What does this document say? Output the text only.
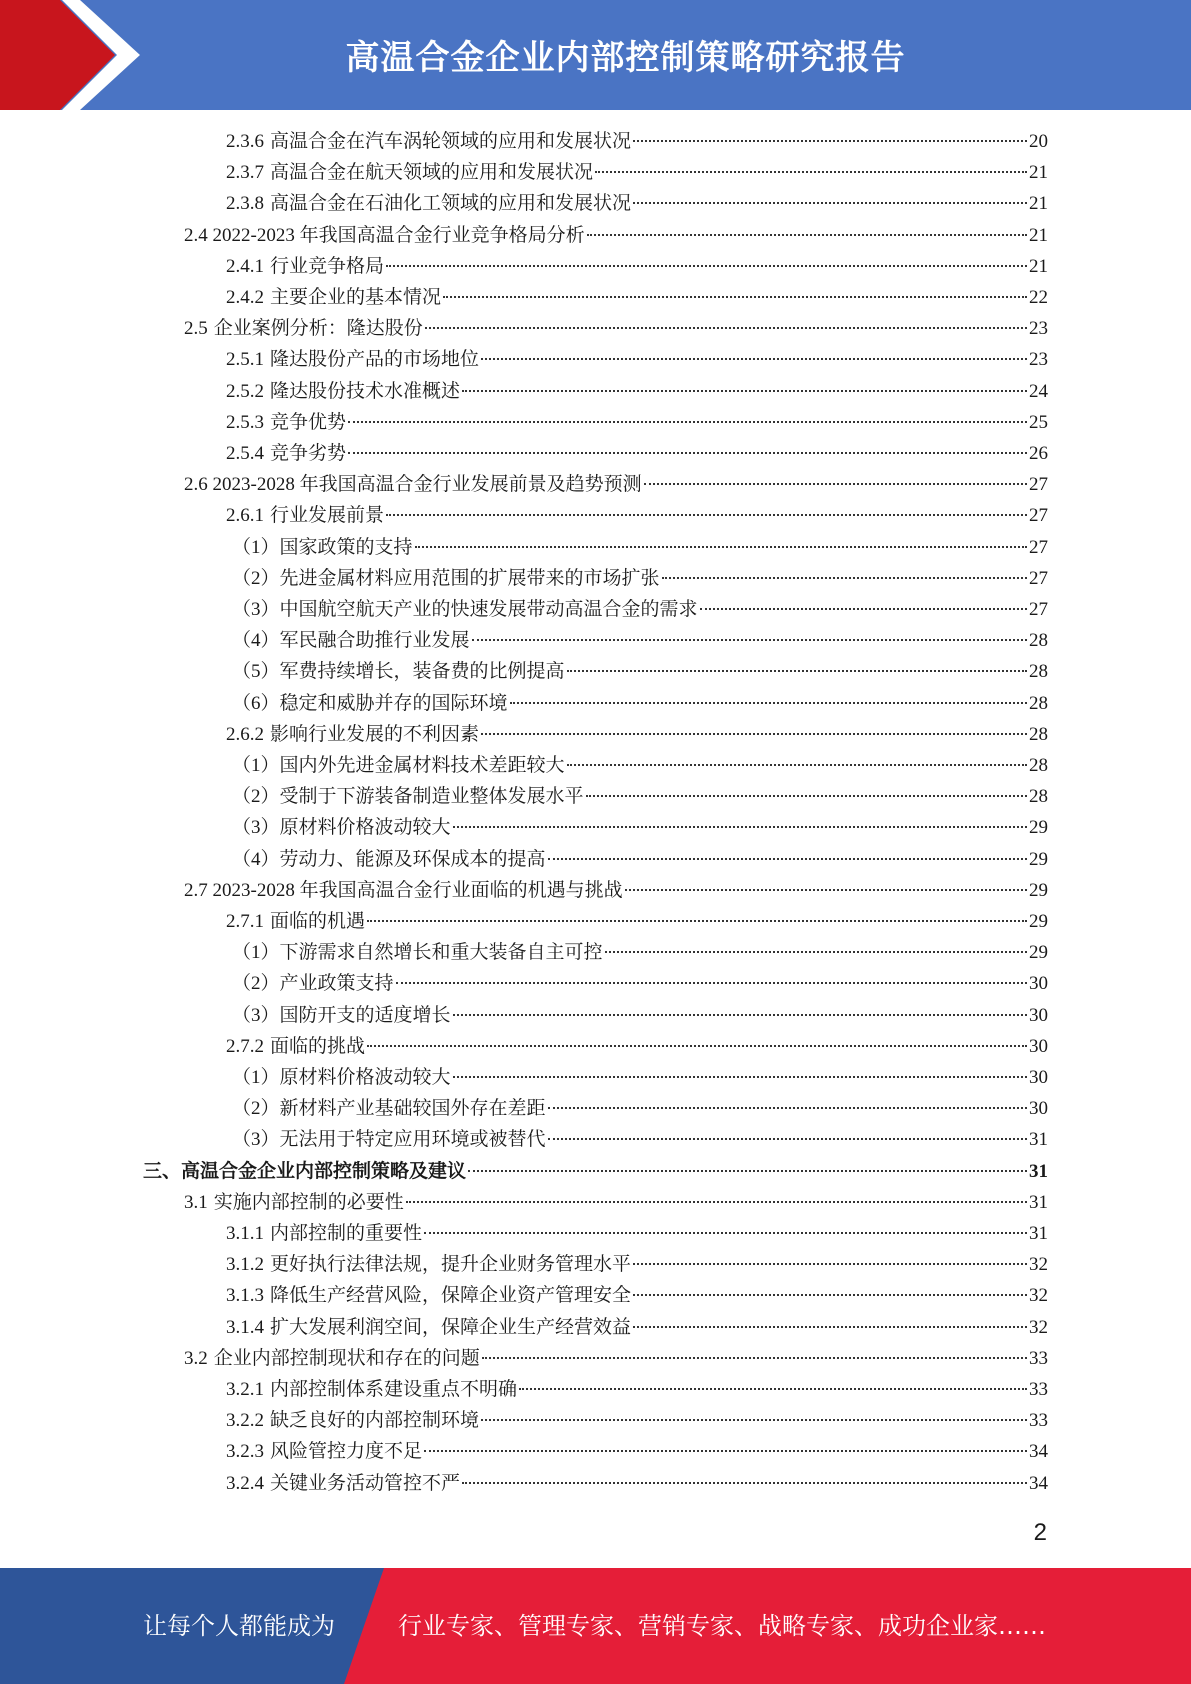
高温合金企业内部控制策略研究报告
2.3.6 高温合金在汽车涡轮领域的应用和发展状况	20
2.3.7 高温合金在航天领域的应用和发展状况	21
2.3.8 高温合金在石油化工领域的应用和发展状况	21
2.4 2022-2023 年我国高温合金行业竞争格局分析	21
2.4.1 行业竞争格局	21
2.4.2 主要企业的基本情况	22
2.5 企业案例分析：隆达股份	23
2.5.1 隆达股份产品的市场地位	23
2.5.2 隆达股份技术水准概述	24
2.5.3 竞争优势	25
2.5.4 竞争劣势	26
2.6 2023-2028 年我国高温合金行业发展前景及趋势预测	27
2.6.1 行业发展前景	27
（1）国家政策的支持	27
（2）先进金属材料应用范围的扩展带来的市场扩张	27
（3）中国航空航天产业的快速发展带动高温合金的需求	27
（4）军民融合助推行业发展	28
（5）军费持续增长，装备费的比例提高	28
（6）稳定和威胁并存的国际环境	28
2.6.2 影响行业发展的不利因素	28
（1）国内外先进金属材料技术差距较大	28
（2）受制于下游装备制造业整体发展水平	28
（3）原材料价格波动较大	29
（4）劳动力、能源及环保成本的提高	29
2.7 2023-2028 年我国高温合金行业面临的机遇与挑战	29
2.7.1 面临的机遇	29
（1）下游需求自然增长和重大装备自主可控	29
（2）产业政策支持	30
（3）国防开支的适度增长	30
2.7.2 面临的挑战	30
（1）原材料价格波动较大	30
（2）新材料产业基础较国外存在差距	30
（3）无法用于特定应用环境或被替代	31
三、高温合金企业内部控制策略及建议	31
3.1 实施内部控制的必要性	31
3.1.1 内部控制的重要性	31
3.1.2 更好执行法律法规，提升企业财务管理水平	32
3.1.3 降低生产经营风险，保障企业资产管理安全	32
3.1.4 扩大发展利润空间，保障企业生产经营效益	32
3.2 企业内部控制现状和存在的问题	33
3.2.1 内部控制体系建设重点不明确	33
3.2.2 缺乏良好的内部控制环境	33
3.2.3 风险管控力度不足	34
3.2.4 关键业务活动管控不严	34
2
让每个人都能成为	行业专家、管理专家、营销专家、战略专家、成功企业家……
